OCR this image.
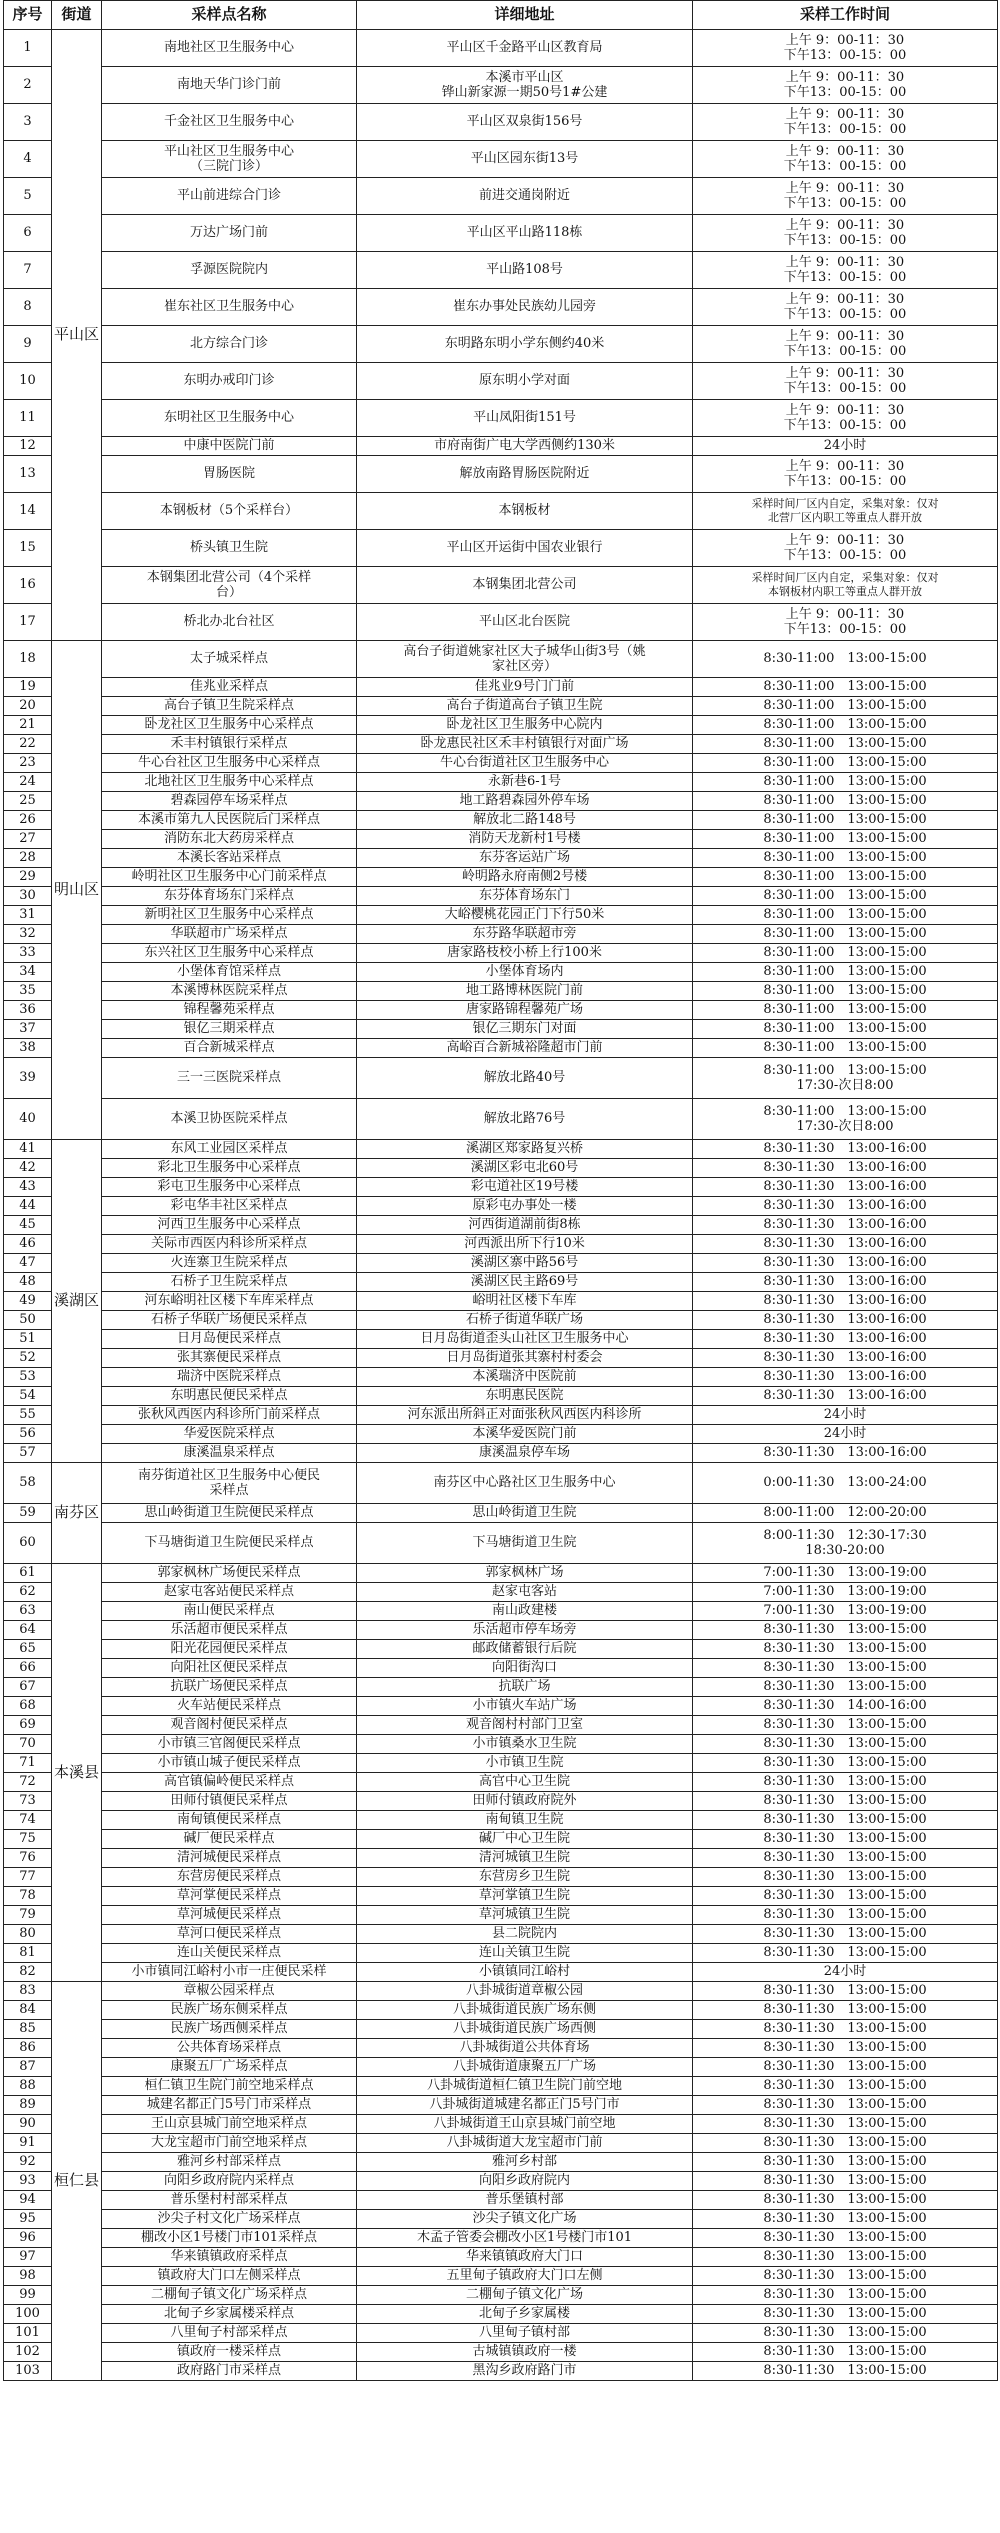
序号	街道	采样点名称	详细地址	采样工作时间
1	平山区	南地社区卫生服务中心	平山区千金路平山区教育局	上午 9：00-11：30
下午13：00-15：00
2		南地天华门诊门前	本溪市平山区
铧山新家源一期50号1#公建	上午 9：00-11：30
下午13：00-15：00
3		千金社区卫生服务中心	平山区双泉街156号	上午 9：00-11：30
下午13：00-15：00
4		平山社区卫生服务中心
（三院门诊）	平山区园东街13号	上午 9：00-11：30
下午13：00-15：00
5		平山前进综合门诊	前进交通岗附近	上午 9：00-11：30
下午13：00-15：00
6		万达广场门前	平山区平山路118栋	上午 9：00-11：30
下午13：00-15：00
7		孚源医院院内	平山路108号	上午 9：00-11：30
下午13：00-15：00
8		崔东社区卫生服务中心	崔东办事处民族幼儿园旁	上午 9：00-11：30
下午13：00-15：00
9		北方综合门诊	东明路东明小学东侧约40米	上午 9：00-11：30
下午13：00-15：00
10		东明办戒印门诊	原东明小学对面	上午 9：00-11：30
下午13：00-15：00
11		东明社区卫生服务中心	平山凤阳街151号	上午 9：00-11：30
下午13：00-15：00
12		中康中医院门前	市府南街广电大学西侧约130米	24小时
13		胃肠医院	解放南路胃肠医院附近	上午 9：00-11：30
下午13：00-15：00
14		本钢板材（5个采样台）	本钢板材	采样时间厂区内自定，采集对象：仅对
北营厂区内职工等重点人群开放
15		桥头镇卫生院	平山区开运街中国农业银行	上午 9：00-11：30
下午13：00-15：00
16		本钢集团北营公司（4个采样
台）	本钢集团北营公司	采样时间厂区内自定，采集对象：仅对
本钢板材内职工等重点人群开放
17		桥北办北台社区	平山区北台医院	上午 9：00-11：30
下午13：00-15：00
18	明山区	太子城采样点	高台子街道姚家社区大子城华山街3号（姚
家社区旁）	8:30-11:00　13:00-15:00
19		佳兆业采样点	佳兆业9号门门前	8:30-11:00　13:00-15:00
20		高台子镇卫生院采样点	高台子街道高台子镇卫生院	8:30-11:00　13:00-15:00
21		卧龙社区卫生服务中心采样点	卧龙社区卫生服务中心院内	8:30-11:00　13:00-15:00
22		禾丰村镇银行采样点	卧龙惠民社区禾丰村镇银行对面广场	8:30-11:00　13:00-15:00
23		牛心台社区卫生服务中心采样点	牛心台街道社区卫生服务中心	8:30-11:00　13:00-15:00
24		北地社区卫生服务中心采样点	永新巷6-1号	8:30-11:00　13:00-15:00
25		碧森园停车场采样点	地工路碧森园外停车场	8:30-11:00　13:00-15:00
26		本溪市第九人民医院后门采样点	解放北二路148号	8:30-11:00　13:00-15:00
27		消防东北大药房采样点	消防天龙新村1号楼	8:30-11:00　13:00-15:00
28		本溪长客站采样点	东芬客运站广场	8:30-11:00　13:00-15:00
29		岭明社区卫生服务中心门前采样点	岭明路永府南侧2号楼	8:30-11:00　13:00-15:00
30		东芬体育场东门采样点	东芬体育场东门	8:30-11:00　13:00-15:00
31		新明社区卫生服务中心采样点	大峪樱桃花园正门下行50米	8:30-11:00　13:00-15:00
32		华联超市广场采样点	东芬路华联超市旁	8:30-11:00　13:00-15:00
33		东兴社区卫生服务中心采样点	唐家路枝校小桥上行100米	8:30-11:00　13:00-15:00
34		小堡体育馆采样点	小堡体育场内	8:30-11:00　13:00-15:00
35		本溪博林医院采样点	地工路博林医院门前	8:30-11:00　13:00-15:00
36		锦程馨苑采样点	唐家路锦程馨苑广场	8:30-11:00　13:00-15:00
37		银亿三期采样点	银亿三期东门对面	8:30-11:00　13:00-15:00
38		百合新城采样点	高峪百合新城裕隆超市门前	8:30-11:00　13:00-15:00
39		三一三医院采样点	解放北路40号	8:30-11:00　13:00-15:00
17:30-次日8:00
40		本溪卫协医院采样点	解放北路76号	8:30-11:00　13:00-15:00
17:30-次日8:00
41	溪湖区	东风工业园区采样点	溪湖区郑家路复兴桥	8:30-11:30　13:00-16:00
42		彩北卫生服务中心采样点	溪湖区彩屯北60号	8:30-11:30　13:00-16:00
43		彩屯卫生服务中心采样点	彩屯道社区19号楼	8:30-11:30　13:00-16:00
44		彩屯华丰社区采样点	原彩屯办事处一楼	8:30-11:30　13:00-16:00
45		河西卫生服务中心采样点	河西街道湖前街8栋	8:30-11:30　13:00-16:00
46		关际市西医内科诊所采样点	河西派出所下行10米	8:30-11:30　13:00-16:00
47		火连寨卫生院采样点	溪湖区寨中路56号	8:30-11:30　13:00-16:00
48		石桥子卫生院采样点	溪湖区民主路69号	8:30-11:30　13:00-16:00
49		河东峪明社区楼下车库采样点	峪明社区楼下车库	8:30-11:30　13:00-16:00
50		石桥子华联广场便民采样点	石桥子街道华联广场	8:30-11:30　13:00-16:00
51		日月岛便民采样点	日月岛街道歪头山社区卫生服务中心	8:30-11:30　13:00-16:00
52		张其寨便民采样点	日月岛街道张其寨村村委会	8:30-11:30　13:00-16:00
53		瑞济中医院采样点	本溪瑞济中医院前	8:30-11:30　13:00-16:00
54		东明惠民便民采样点	东明惠民医院	8:30-11:30　13:00-16:00
55		张秋风西医内科诊所门前采样点	河东派出所斜正对面张秋风西医内科诊所	24小时
56		华爱医院采样点	本溪华爱医院门前	24小时
57		康溪温泉采样点	康溪温泉停车场	8:30-11:30　13:00-16:00
58	南芬区	南芬街道社区卫生服务中心便民
采样点	南芬区中心路社区卫生服务中心	0:00-11:30　13:00-24:00
59		思山岭街道卫生院便民采样点	思山岭街道卫生院	8:00-11:00　12:00-20:00
60		下马塘街道卫生院便民采样点	下马塘街道卫生院	8:00-11:30　12:30-17:30
18:30-20:00
61	本溪县	郭家枫林广场便民采样点	郭家枫林广场	7:00-11:30　13:00-19:00
62		赵家屯客站便民采样点	赵家屯客站	7:00-11:30　13:00-19:00
63		南山便民采样点	南山政建楼	7:00-11:30　13:00-19:00
64		乐活超市便民采样点	乐活超市停车场旁	8:30-11:30　13:00-15:00
65		阳光花园便民采样点	邮政储蓄银行后院	8:30-11:30　13:00-15:00
66		向阳社区便民采样点	向阳街沟口	8:30-11:30　13:00-15:00
67		抗联广场便民采样点	抗联广场	8:30-11:30　13:00-15:00
68		火车站便民采样点	小市镇火车站广场	8:30-11:30　14:00-16:00
69		观音阁村便民采样点	观音阁村村部门卫室	8:30-11:30　13:00-15:00
70		小市镇三官阁便民采样点	小市镇桑水卫生院	8:30-11:30　13:00-15:00
71		小市镇山城子便民采样点	小市镇卫生院	8:30-11:30　13:00-15:00
72		高官镇偏岭便民采样点	高官中心卫生院	8:30-11:30　13:00-15:00
73		田师付镇便民采样点	田师付镇政府院外	8:30-11:30　13:00-15:00
74		南甸镇便民采样点	南甸镇卫生院	8:30-11:30　13:00-15:00
75		碱厂便民采样点	碱厂中心卫生院	8:30-11:30　13:00-15:00
76		清河城便民采样点	清河城镇卫生院	8:30-11:30　13:00-15:00
77		东营房便民采样点	东营房乡卫生院	8:30-11:30　13:00-15:00
78		草河掌便民采样点	草河掌镇卫生院	8:30-11:30　13:00-15:00
79		草河城便民采样点	草河城镇卫生院	8:30-11:30　13:00-15:00
80		草河口便民采样点	县二院院内	8:30-11:30　13:00-15:00
81		连山关便民采样点	连山关镇卫生院	8:30-11:30　13:00-15:00
82		小市镇同江峪村小市一庄便民采样	小镇镇同江峪村	24小时
83	桓仁县	章椒公园采样点	八卦城街道章椒公园	8:30-11:30　13:00-15:00
84		民族广场东侧采样点	八卦城街道民族广场东侧	8:30-11:30　13:00-15:00
85		民族广场西侧采样点	八卦城街道民族广场西侧	8:30-11:30　13:00-15:00
86		公共体育场采样点	八卦城街道公共体育场	8:30-11:30　13:00-15:00
87		康聚五厂广场采样点	八卦城街道康聚五厂广场	8:30-11:30　13:00-15:00
88		桓仁镇卫生院门前空地采样点	八卦城街道桓仁镇卫生院门前空地	8:30-11:30　13:00-15:00
89		城建名都正门5号门市采样点	八卦城街道城建名都正门5号门市	8:30-11:30　13:00-15:00
90		王山京县城门前空地采样点	八卦城街道王山京县城门前空地	8:30-11:30　13:00-15:00
91		大龙宝超市门前空地采样点	八卦城街道大龙宝超市门前	8:30-11:30　13:00-15:00
92		雅河乡村部采样点	雅河乡村部	8:30-11:30　13:00-15:00
93		向阳乡政府院内采样点	向阳乡政府院内	8:30-11:30　13:00-15:00
94		普乐堡村村部采样点	普乐堡镇村部	8:30-11:30　13:00-15:00
95		沙尖子村文化广场采样点	沙尖子镇文化广场	8:30-11:30　13:00-15:00
96		棚改小区1号楼门市101采样点	木孟子管委会棚改小区1号楼门市101	8:30-11:30　13:00-15:00
97		华来镇镇政府采样点	华来镇镇政府大门口	8:30-11:30　13:00-15:00
98		镇政府大门口左侧采样点	五里甸子镇政府大门口左侧	8:30-11:30　13:00-15:00
99		二棚甸子镇文化广场采样点	二棚甸子镇文化广场	8:30-11:30　13:00-15:00
100		北甸子乡家属楼采样点	北甸子乡家属楼	8:30-11:30　13:00-15:00
101		八里甸子村部采样点	八里甸子镇村部	8:30-11:30　13:00-15:00
102		镇政府一楼采样点	古城镇镇政府一楼	8:30-11:30　13:00-15:00
103		政府路门市采样点	黑沟乡政府路门市	8:30-11:30　13:00-15:00
